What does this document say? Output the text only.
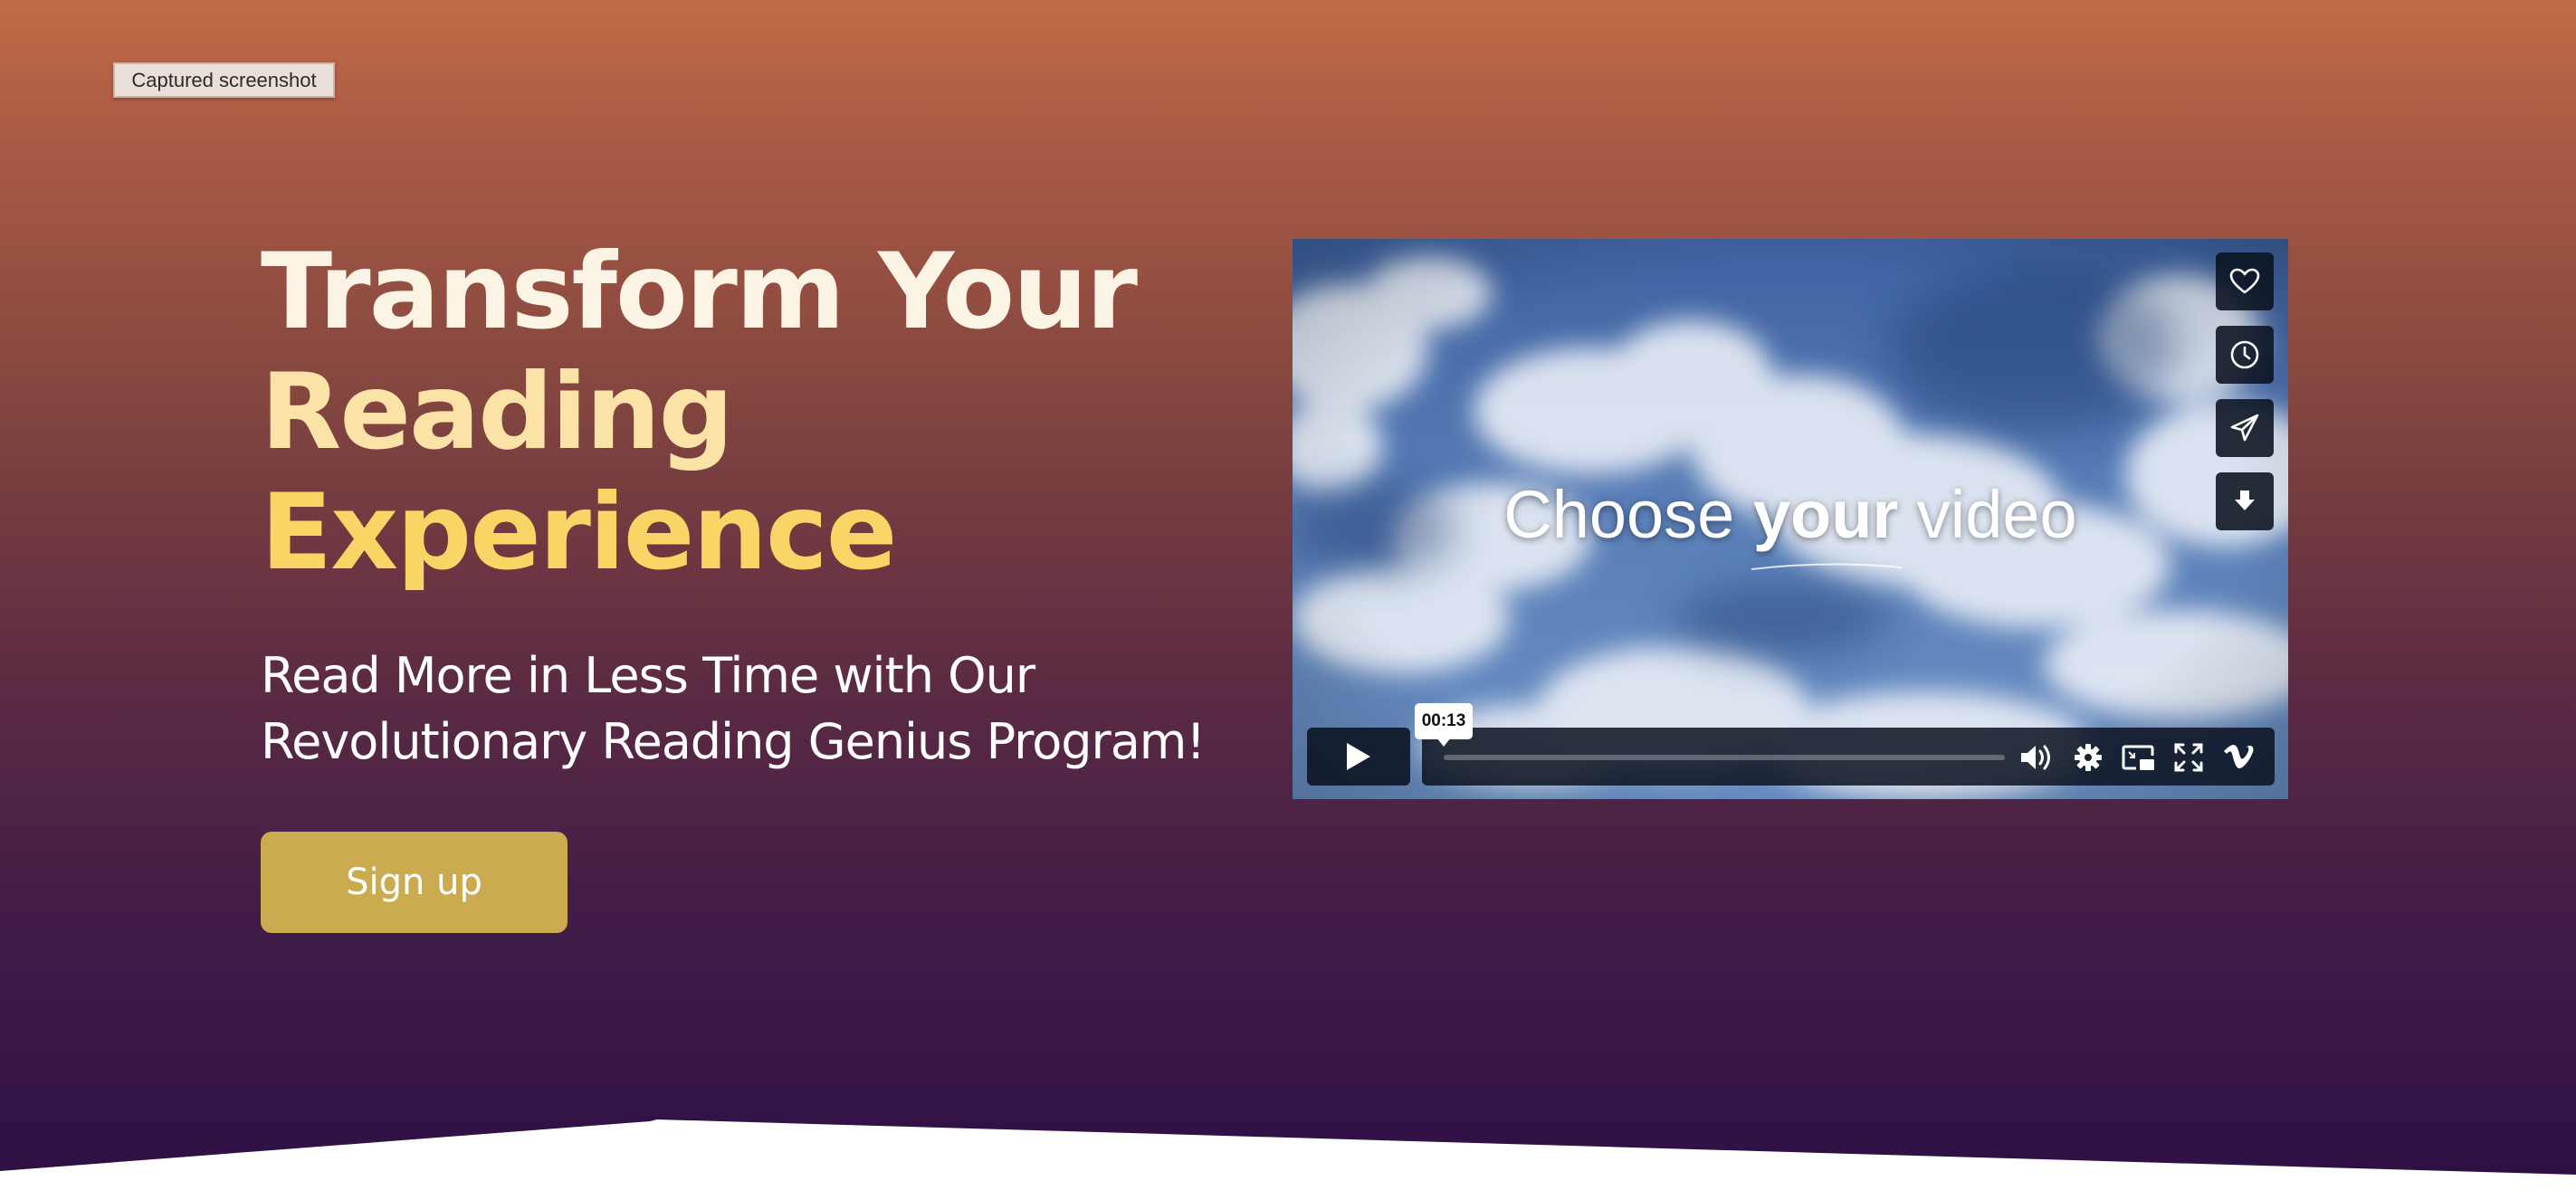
Captured screenshot
Transform Your
Reading
Experience

Read More in Less Time with Our
Revolutionary Reading Genius Program!

Sign up
Choose your video
00:13
